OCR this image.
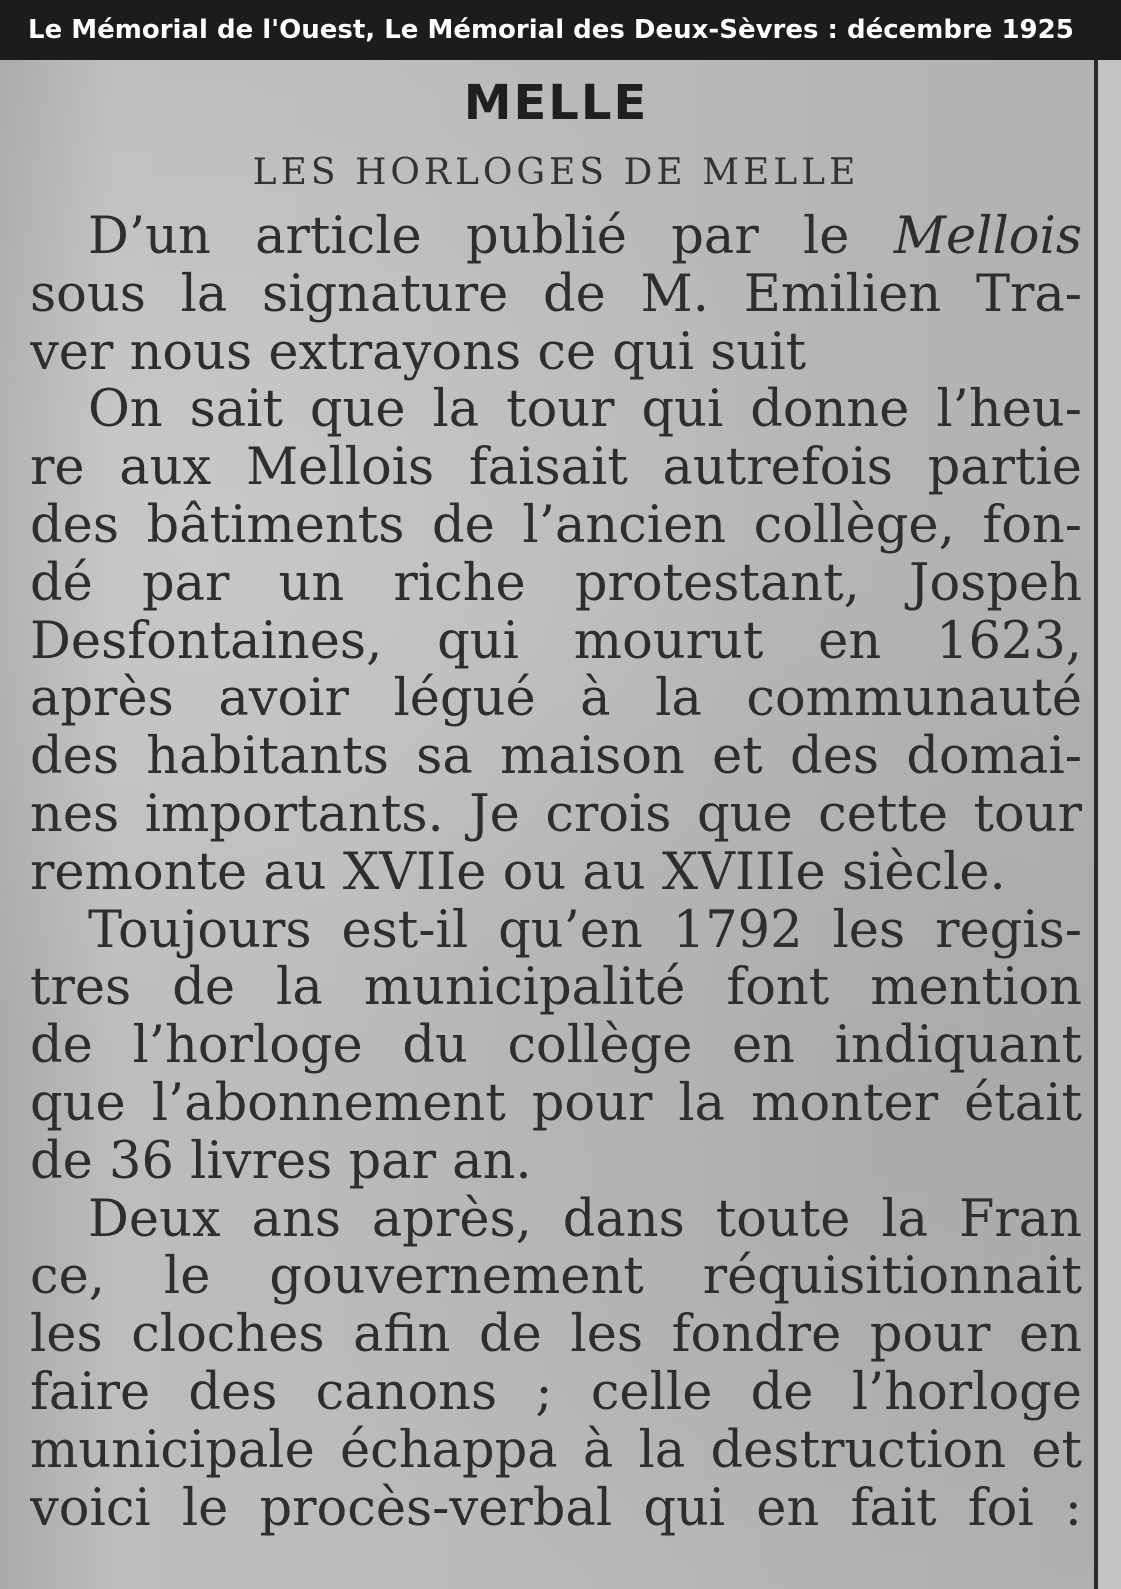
Le Mémorial de l'Ouest, Le Mémorial des Deux-Sèvres : décembre 1925
MELLE
LES HORLOGES DE MELLE
D’un article publié par le Mellois
sous la signature de M. Emilien Tra-
ver nous extrayons ce qui suit
On sait que la tour qui donne l’heu-
re aux Mellois faisait autrefois partie
des bâtiments de l’ancien collège, fon-
dé par un riche protestant, Jospeh
Desfontaines, qui mourut en 1623,
après avoir légué à la communauté
des habitants sa maison et des domai-
nes importants. Je crois que cette tour
remonte au XVIIe ou au XVIIIe siècle.
Toujours est-il qu’en 1792 les regis-
tres de la municipalité font mention
de l’horloge du collège en indiquant
que l’abonnement pour la monter était
de 36 livres par an.
Deux ans après, dans toute la Fran
ce, le gouvernement réquisitionnait
les cloches afin de les fondre pour en
faire des canons ; celle de l’horloge
municipale échappa à la destruction et
voici le procès-verbal qui en fait foi :
